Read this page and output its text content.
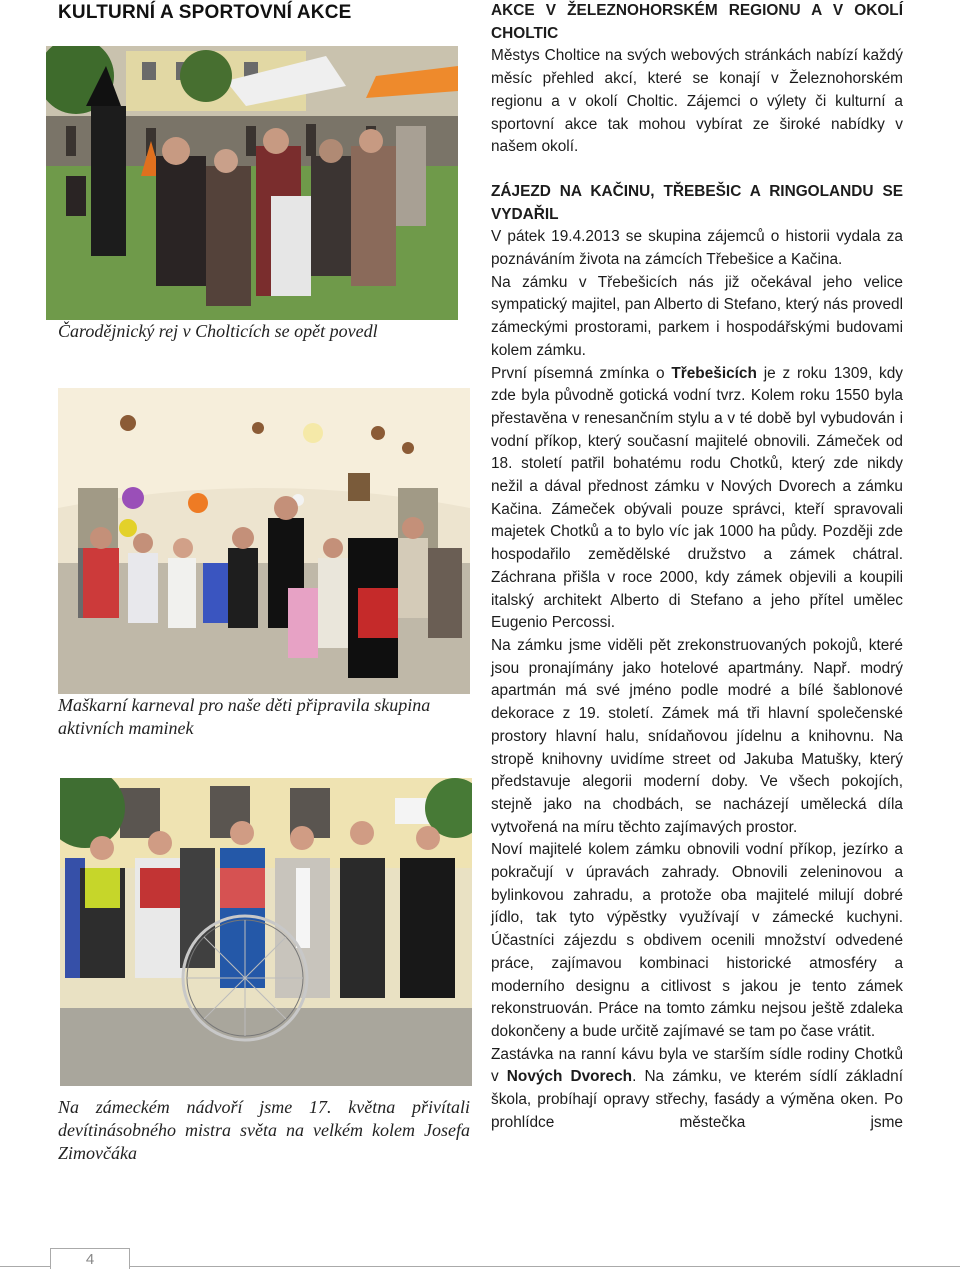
KULTURNÍ A SPORTOVNÍ AKCE

Čarodějnický rej v Cholticích se opět povedl

Maškarní karneval pro naše děti připravila skupina aktivních maminek

Na zámeckém nádvoří jsme 17. května přivítali devítinásobného mistra světa na velkém kolem Josefa Zimovčáka

AKCE V ŽELEZNOHORSKÉM REGIONU A V OKOLÍ CHOLTIC

Městys Choltice na svých webových stránkách nabízí každý měsíc přehled akcí, které se konají v Železnohorském regionu a v okolí Choltic. Zájemci o výlety či kulturní a sportovní akce tak mohou vybírat ze široké nabídky v našem okolí.

ZÁJEZD NA KAČINU, TŘEBEŠIC A RINGOLANDU SE VYDAŘIL

V pátek 19.4.2013 se skupina zájemců o historii vydala za poznáváním života na zámcích Třebešice a Kačina.

Na zámku v Třebešicích nás již očekával jeho velice sympatický majitel, pan Alberto di Stefano, který nás provedl zámeckými prostorami, parkem i hospodářskými budovami kolem zámku.

První písemná zmínka o Třebešicích je z roku 1309, kdy zde byla původně gotická vodní tvrz. Kolem roku 1550 byla přestavěna v renesančním stylu a v té době byl vybudován i vodní příkop, který současní majitelé obnovili. Zámeček od 18. století patřil bohatému rodu Chotků, který zde nikdy nežil a dával přednost zámku v Nových Dvorech a zámku Kačina. Zámeček obývali pouze správci, kteří spravovali majetek Chotků a to bylo víc jak 1000 ha půdy. Později zde hospodařilo zemědělské družstvo a zámek chátral. Záchrana přišla v roce 2000, kdy zámek objevili a koupili italský architekt Alberto di Stefano a jeho přítel umělec Eugenio Percossi.

Na zámku jsme viděli pět zrekonstruovaných pokojů, které jsou pronajímány jako hotelové apartmány. Např. modrý apartmán má své jméno podle modré a bílé šablonové dekorace z 19. století. Zámek má tři hlavní společenské prostory hlavní halu, snídaňovou jídelnu a knihovnu. Na stropě knihovny uvidíme street od Jakuba Matušky, který představuje alegorii moderní doby. Ve všech pokojích, stejně jako na chodbách, se nacházejí umělecká díla vytvořená na míru těchto zajímavých prostor.

Noví majitelé kolem zámku obnovili vodní příkop, jezírko a pokračují v úpravách zahrady. Obnovili zeleninovou a bylinkovou zahradu, a protože oba majitelé milují dobré jídlo, tak tyto výpěstky využívají v zámecké kuchyni. Účastníci zájezdu s obdivem ocenili množství odvedené práce, zajímavou kombinaci historické atmosféry a moderního designu a citlivost s jakou je tento zámek rekonstruován. Práce na tomto zámku nejsou ještě zdaleka dokončeny a bude určitě zajímavé se tam po čase vrátit.

Zastávka na ranní kávu byla ve starším sídle rodiny Chotků v Nových Dvorech. Na zámku, ve kterém sídlí základní škola, probíhají opravy střechy, fasády a výměna oken. Po prohlídce městečka jsme

4
